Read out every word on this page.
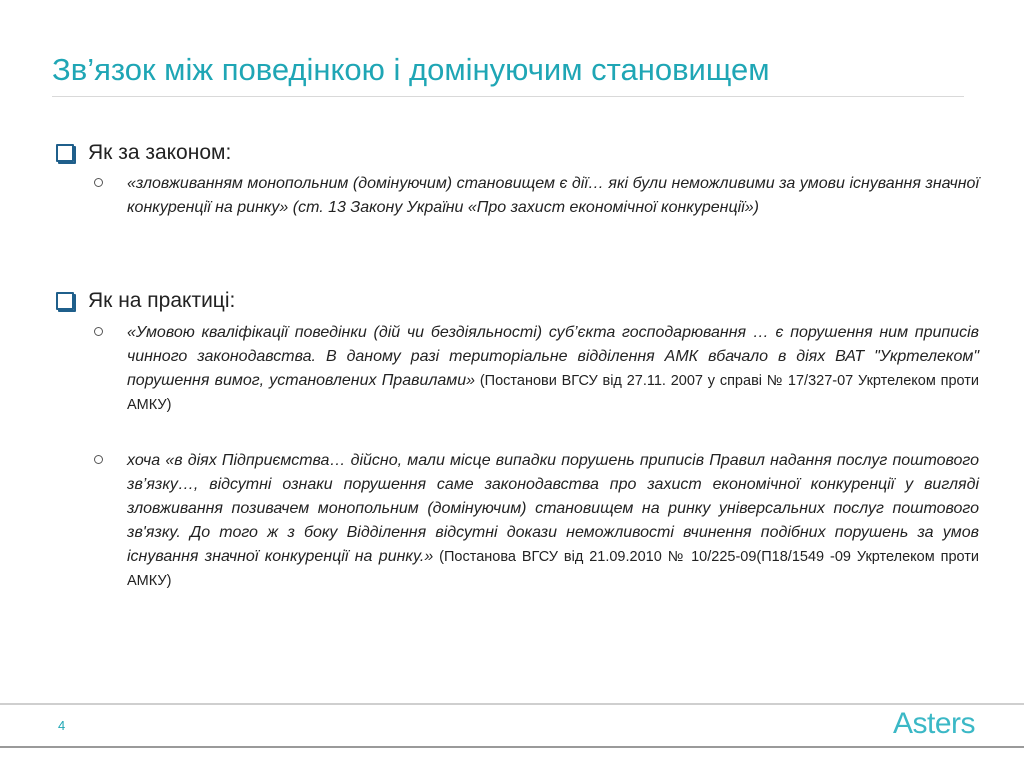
Зв’язок між поведінкою і домінуючим становищем
Як за законом:
«зловживанням монопольним (домінуючим) становищем є дії… які були неможливими за умови існування значної конкуренції на ринку» (ст. 13 Закону України «Про захист економічної конкуренції»)
Як на практиці:
«Умовою кваліфікації поведінки (дій чи бездіяльності) суб’єкта господарювання … є порушення ним приписів чинного законодавства. В даному разі територіальне відділення АМК вбачало в діях ВАТ "Укртелеком" порушення вимог, установлених Правилами» (Постанови ВГСУ від 27.11. 2007 у справі № 17/327-07 Укртелеком проти АМКУ)
хоча «в діях Підприємства… дійсно, мали місце випадки порушень приписів Правил надання послуг поштового зв’язку…, відсутні ознаки порушення саме законодавства про захист економічної конкуренції у вигляді зловживання позивачем монопольним (домінуючим) становищем на ринку універсальних послуг поштового зв'язку. До того ж з боку Відділення відсутні докази неможливості вчинення подібних порушень за умов існування значної конкуренції на ринку.» (Постанова ВГСУ від 21.09.2010 № 10/225-09(П18/1549 -09 Укртелеком проти АМКУ)
4	Asters
